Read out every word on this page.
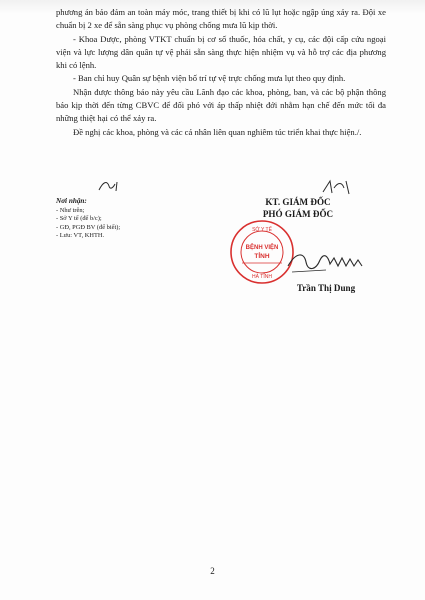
phương án bảo đảm an toàn máy móc, trang thiết bị khi có lũ lụt hoặc ngập úng xảy ra. Đội xe chuẩn bị 2 xe để sẵn sàng phục vụ phòng chống mưa lũ kịp thời.

- Khoa Dược, phòng VTKT chuẩn bị cơ số thuốc, hóa chất, y cụ, các đội cấp cứu ngoại viện và lực lượng dân quân tự vệ phải sẵn sàng thực hiện nhiệm vụ và hỗ trợ các địa phương khi có lệnh.

- Ban chỉ huy Quân sự bệnh viện bố trí tự vệ trực chống mưa lụt theo quy định.

Nhận được thông báo này yêu cầu Lãnh đạo các khoa, phòng, ban, và các bộ phận thông báo kịp thời đến từng CBVC để đối phó với áp thấp nhiệt đới nhằm hạn chế đến mức tối đa những thiệt hại có thể xảy ra.

Đề nghị các khoa, phòng và các cá nhân liên quan nghiêm túc triển khai thực hiện./.

Nơi nhận:
- Như trên;
- Sở Y tế (để b/c);
- GĐ, PGĐ BV (để biết);
- Lưu: VT, KHTH.
KT. GIÁM ĐỐC
PHÓ GIÁM ĐỐC
SỞ Y TẾ
BỆNH VIỆN
TỈNH
HÀ TĨNH
Trần Thị Dung
2
